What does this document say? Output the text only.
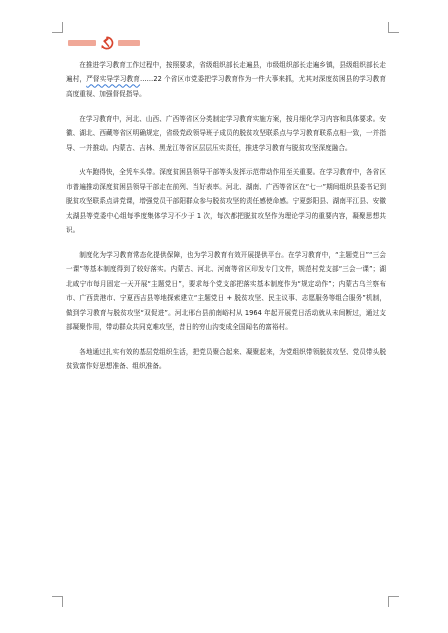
在推进学习教育工作过程中，按照要求，省级组织部长走遍县，市级组织部长走遍乡镇，县级组织部长走遍村，严督实导学习教育……22 个省区市党委把学习教育作为一件大事来抓，尤其对深度贫困县的学习教育高度重视、加强督促指导。

在学习教育中，河北、山西、广西等省区分类制定学习教育实施方案，按月细化学习内容和具体要求。安徽、湖北、西藏等省区明确规定，省级党政领导班子成员的脱贫攻坚联系点与学习教育联系点相一致，一并指导、一并推动。内蒙古、吉林、黑龙江等省区层层压实责任，推进学习教育与脱贫攻坚深度融合。

火车跑得快，全凭车头带。深度贫困县领导干部等头发挥示范带动作用至关重要。在学习教育中，各省区市普遍推动深度贫困县领导干部走在前列、当好表率。河北、湖南、广西等省区在“七一”期间组织县委书记到脱贫攻坚联系点讲党课，增强党员干部阳群众参与脱贫攻坚的责任感使命感。宁夏彭阳县、湖南平江县、安徽太湖县等党委中心组每季度集体学习不少于 1 次，每次都把脱贫攻坚作为理论学习的重要内容，凝聚思想共识。

制度化为学习教育常态化提供保障，也为学习教育有效开展提供平台。在学习教育中，“主题党日”“三会一课”等基本制度得到了较好落实。内蒙古、河北、河南等省区印发专门文件，规范村党支部“三会一课”；湖北咸宁市每月固定一天开展“主题党日”，要求每个党支部把落实基本制度作为“规定动作”；内蒙古乌兰察布市、广西贵港市、宁夏西吉县等地探索建立“主题党日 + 脱贫攻坚、民主议事、志愿服务等组合服务”机制，做到学习教育与脱贫攻坚“双促进”。河北邢台县前南峪村从 1964 年起开展党日活动就从未间断过，通过支部凝聚作用，带动群众共同克难攻坚，昔日的穷山沟变成全国闻名的富裕村。

各地通过扎实有效的基层党组织生活，把党员聚合起来、凝聚起来，为党组织带领脱贫攻坚、党员带头脱贫致富作好思想准备、组织准备。
